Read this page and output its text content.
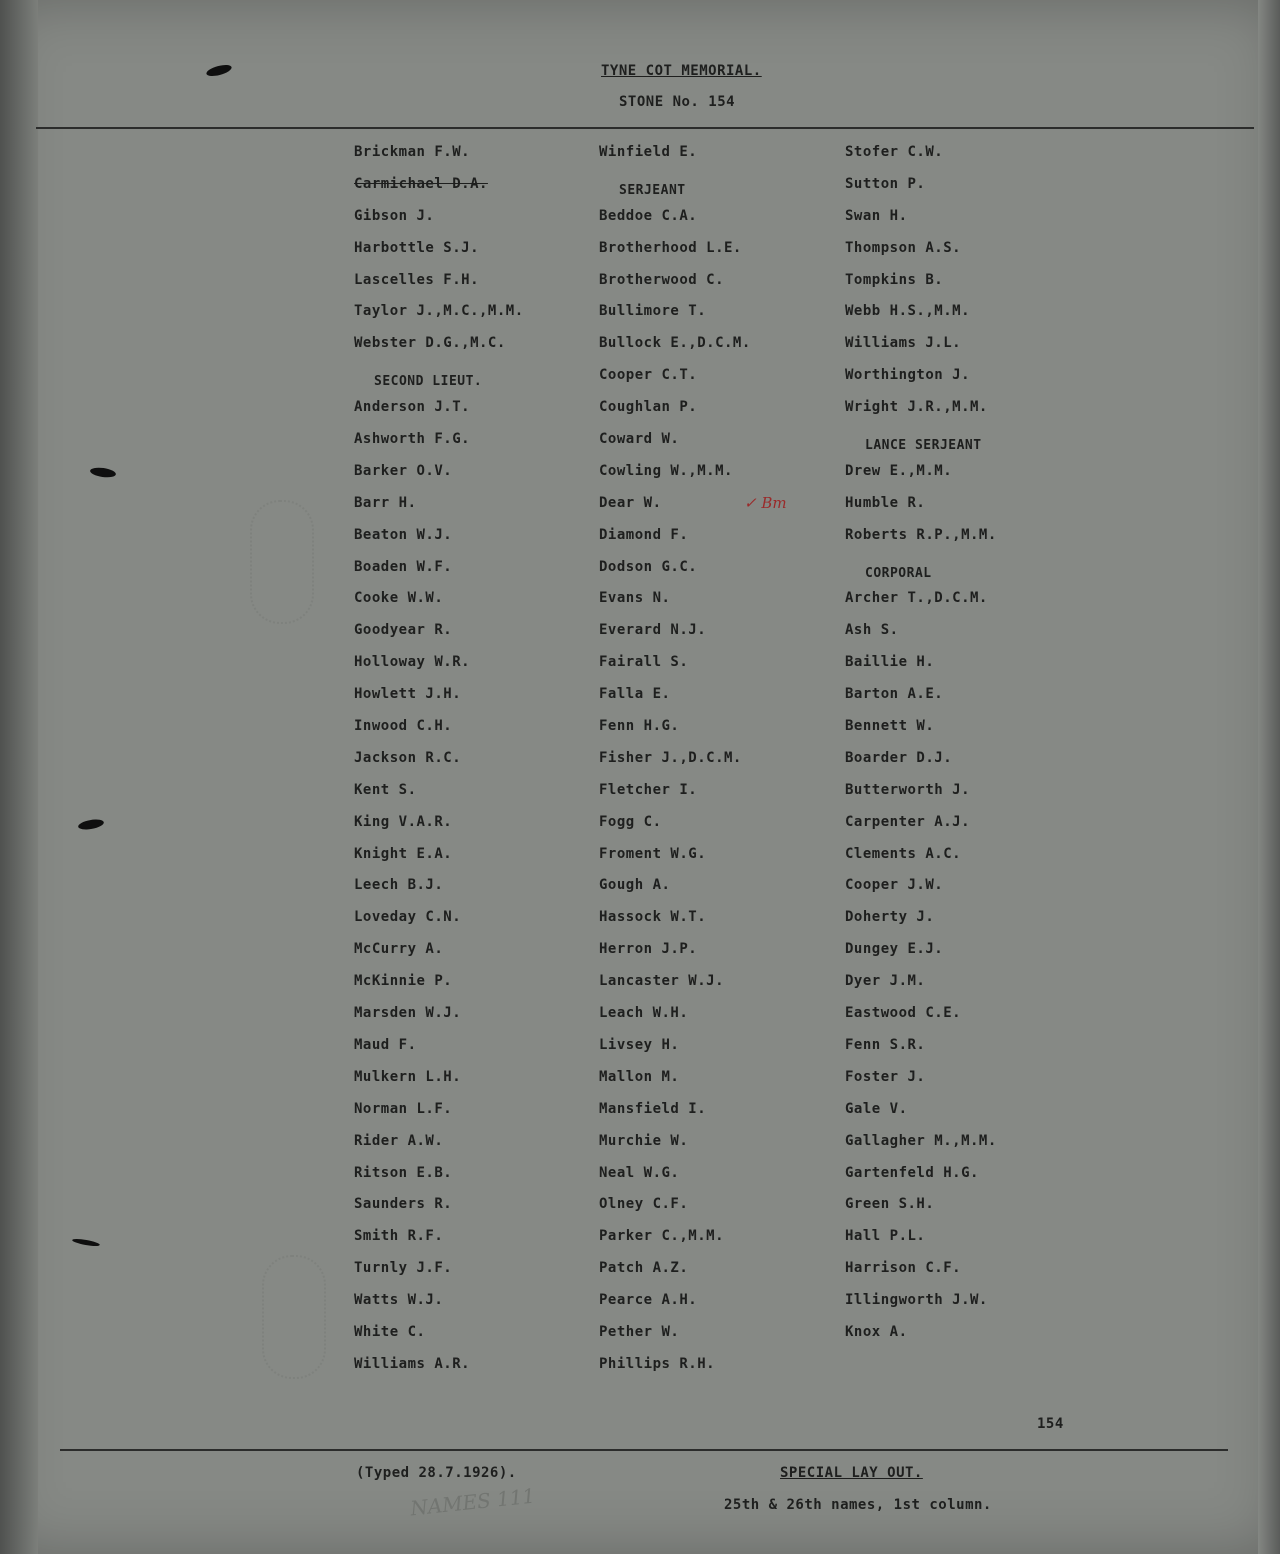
TYNE COT MEMORIAL.
STONE No. 154
Brickman F.W.
Carmichael D.A.
Gibson J.
Harbottle S.J.
Lascelles F.H.
Taylor J.,M.C.,M.M.
Webster D.G.,M.C.
SECOND LIEUT.
Anderson J.T.
Ashworth F.G.
Barker O.V.
Barr H.
Beaton W.J.
Boaden W.F.
Cooke W.W.
Goodyear R.
Holloway W.R.
Howlett J.H.
Inwood C.H.
Jackson R.C.
Kent S.
King V.A.R.
Knight E.A.
Leech B.J.
Loveday C.N.
McCurry A.
McKinnie P.
Marsden W.J.
Maud F.
Mulkern L.H.
Norman L.F.
Rider A.W.
Ritson E.B.
Saunders R.
Smith R.F.
Turnly J.F.
Watts W.J.
White C.
Williams A.R.
Winfield E.
SERJEANT
Beddoe C.A.
Brotherhood L.E.
Brotherwood C.
Bullimore T.
Bullock E.,D.C.M.
Cooper C.T.
Coughlan P.
Coward W.
Cowling W.,M.M.
Dear W.
Diamond F.
Dodson G.C.
Evans N.
Everard N.J.
Fairall S.
Falla E.
Fenn H.G.
Fisher J.,D.C.M.
Fletcher I.
Fogg C.
Froment W.G.
Gough A.
Hassock W.T.
Herron J.P.
Lancaster W.J.
Leach W.H.
Livsey H.
Mallon M.
Mansfield I.
Murchie W.
Neal W.G.
Olney C.F.
Parker C.,M.M.
Patch A.Z.
Pearce A.H.
Pether W.
Phillips R.H.
Stofer C.W.
Sutton P.
Swan H.
Thompson A.S.
Tompkins B.
Webb H.S.,M.M.
Williams J.L.
Worthington J.
Wright J.R.,M.M.
LANCE SERJEANT
Drew E.,M.M.
Humble R.
Roberts R.P.,M.M.
CORPORAL
Archer T.,D.C.M.
Ash S.
Baillie H.
Barton A.E.
Bennett W.
Boarder D.J.
Butterworth J.
Carpenter A.J.
Clements A.C.
Cooper J.W.
Doherty J.
Dungey E.J.
Dyer J.M.
Eastwood C.E.
Fenn S.R.
Foster J.
Gale V.
Gallagher M.,M.M.
Gartenfeld H.G.
Green S.H.
Hall P.L.
Harrison C.F.
Illingworth J.W.
Knox A.
✓ Bm
154
(Typed 28.7.1926).	SPECIAL LAY OUT.
25th & 26th names, 1st column.
NAMES 111
